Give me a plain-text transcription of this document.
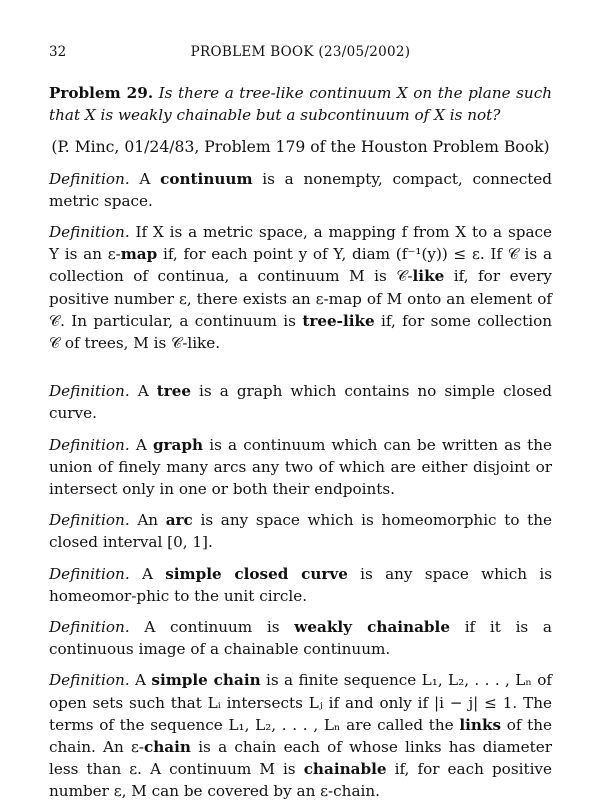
32	PROBLEM BOOK (23/05/2002)

Problem 29. Is there a tree-like continuum X on the plane such that X is weakly chainable but a subcontinuum of X is not?

(P. Minc, 01/24/83, Problem 179 of the Houston Problem Book)

Definition. A continuum is a nonempty, compact, connected metric space.

Definition. If X is a metric space, a mapping f from X to a space Y is an ε-map if, for each point y of Y, diam (f⁻¹(y)) ≤ ε. If 𝒞 is a collection of continua, a continuum M is 𝒞-like if, for every positive number ε, there exists an ε-map of M onto an element of 𝒞. In particular, a continuum is tree-like if, for some collection 𝒞 of trees, M is 𝒞-like.

Definition. A tree is a graph which contains no simple closed curve.

Definition. A graph is a continuum which can be written as the union of finely many arcs any two of which are either disjoint or intersect only in one or both their endpoints.

Definition. An arc is any space which is homeomorphic to the closed interval [0, 1].

Definition. A simple closed curve is any space which is homeomor-phic to the unit circle.

Definition. A continuum is weakly chainable if it is a continuous image of a chainable continuum.

Definition. A simple chain is a finite sequence L₁, L₂, . . . , Lₙ of open sets such that Lᵢ intersects Lⱼ if and only if |i − j| ≤ 1. The terms of the sequence L₁, L₂, . . . , Lₙ are called the links of the chain. An ε-chain is a chain each of whose links has diameter less than ε. A continuum M is chainable if, for each positive number ε, M can be covered by an ε-chain.
